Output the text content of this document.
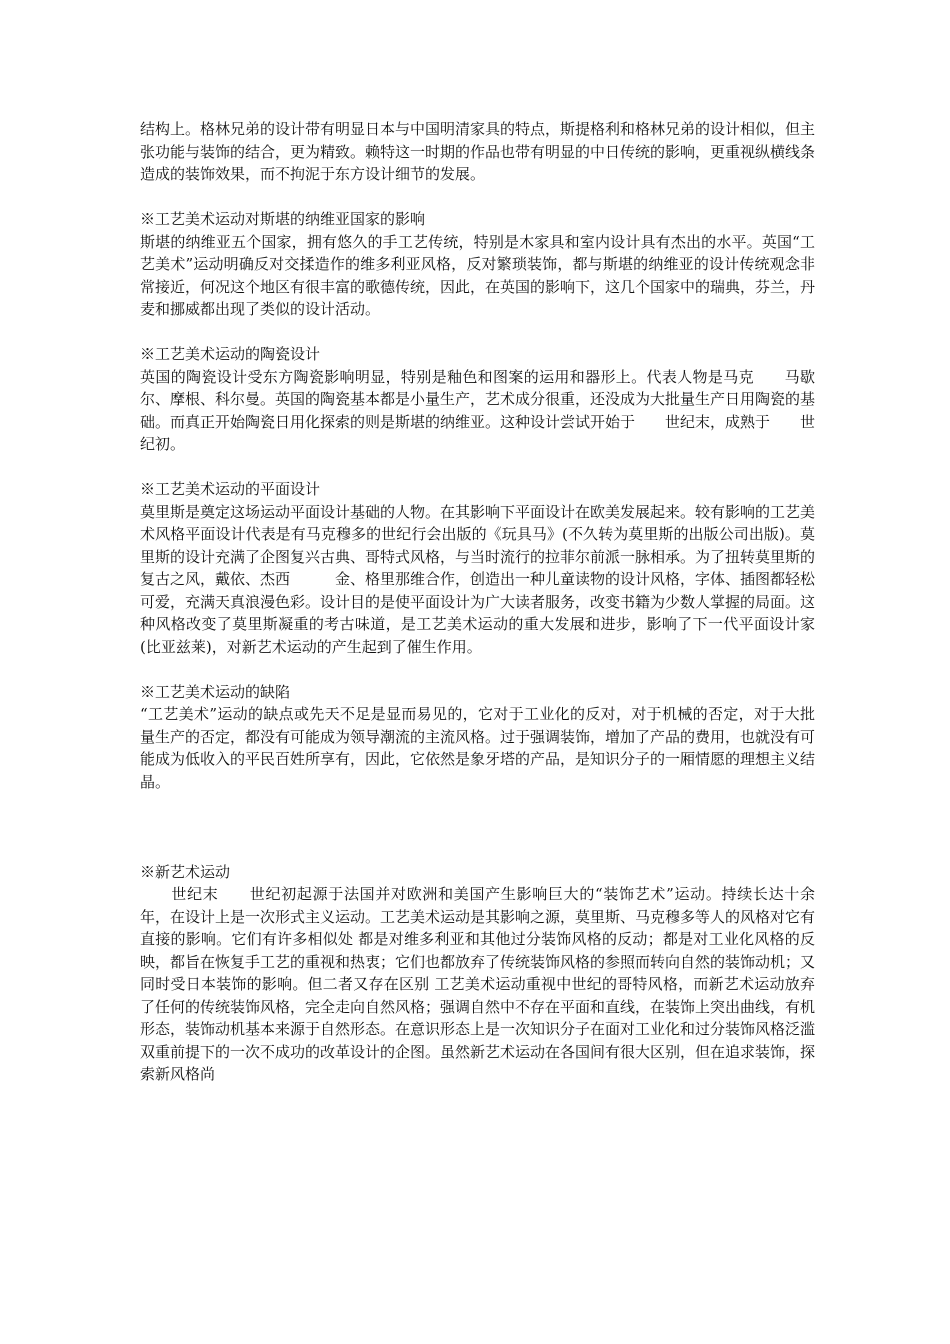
结构上。格林兄弟的设计带有明显日本与中国明清家具的特点，斯提格利和格林兄弟的设计相似，但主张功能与装饰的结合，更为精致。赖特这一时期的作品也带有明显的中日传统的影响，更重视纵横线条造成的装饰效果，而不拘泥于东方设计细节的发展。

※工艺美术运动对斯堪的纳维亚国家的影响

斯堪的纳维亚五个国家，拥有悠久的手工艺传统，特别是木家具和室内设计具有杰出的水平。英国“工艺美术”运动明确反对交揉造作的维多利亚风格，反对繁琐装饰，都与斯堪的纳维亚的设计传统观念非常接近，何况这个地区有很丰富的歌德传统，因此，在英国的影响下，这几个国家中的瑞典，芬兰，丹麦和挪威都出现了类似的设计活动。

※工艺美术运动的陶瓷设计

英国的陶瓷设计受东方陶瓷影响明显，特别是釉色和图案的运用和器形上。代表人物是马克　　马歇尔、摩根、科尔曼。英国的陶瓷基本都是小量生产，艺术成分很重，还没成为大批量生产日用陶瓷的基础。而真正开始陶瓷日用化探索的则是斯堪的纳维亚。这种设计尝试开始于　　世纪末，成熟于　　世纪初。

※工艺美术运动的平面设计

莫里斯是奠定这场运动平面设计基础的人物。在其影响下平面设计在欧美发展起来。较有影响的工艺美术风格平面设计代表是有马克穆多的世纪行会出版的《玩具马》(不久转为莫里斯的出版公司出版)。莫里斯的设计充满了企图复兴古典、哥特式风格，与当时流行的拉菲尔前派一脉相承。为了扭转莫里斯的复古之风，戴依、杰西　　　金、格里那维合作，创造出一种儿童读物的设计风格，字体、插图都轻松可爱，充满天真浪漫色彩。设计目的是使平面设计为广大读者服务，改变书籍为少数人掌握的局面。这种风格改变了莫里斯凝重的考古味道，是工艺美术运动的重大发展和进步，影响了下一代平面设计家(比亚兹莱)，对新艺术运动的产生起到了催生作用。

※工艺美术运动的缺陷

“工艺美术”运动的缺点或先天不足是显而易见的，它对于工业化的反对，对于机械的否定，对于大批量生产的否定，都没有可能成为领导潮流的主流风格。过于强调装饰，增加了产品的费用，也就没有可能成为低收入的平民百姓所享有，因此，它依然是象牙塔的产品，是知识分子的一厢情愿的理想主义结晶。

※新艺术运动

　　世纪末　　世纪初起源于法国并对欧洲和美国产生影响巨大的“装饰艺术”运动。持续长达十余年，在设计上是一次形式主义运动。工艺美术运动是其影响之源，莫里斯、马克穆多等人的风格对它有直接的影响。它们有许多相似处 都是对维多利亚和其他过分装饰风格的反动；都是对工业化风格的反映，都旨在恢复手工艺的重视和热衷；它们也都放弃了传统装饰风格的参照而转向自然的装饰动机；又同时受日本装饰的影响。但二者又存在区别 工艺美术运动重视中世纪的哥特风格，而新艺术运动放弃了任何的传统装饰风格，完全走向自然风格；强调自然中不存在平面和直线，在装饰上突出曲线，有机形态，装饰动机基本来源于自然形态。在意识形态上是一次知识分子在面对工业化和过分装饰风格泛滥双重前提下的一次不成功的改革设计的企图。虽然新艺术运动在各国间有很大区别，但在追求装饰，探索新风格尚
